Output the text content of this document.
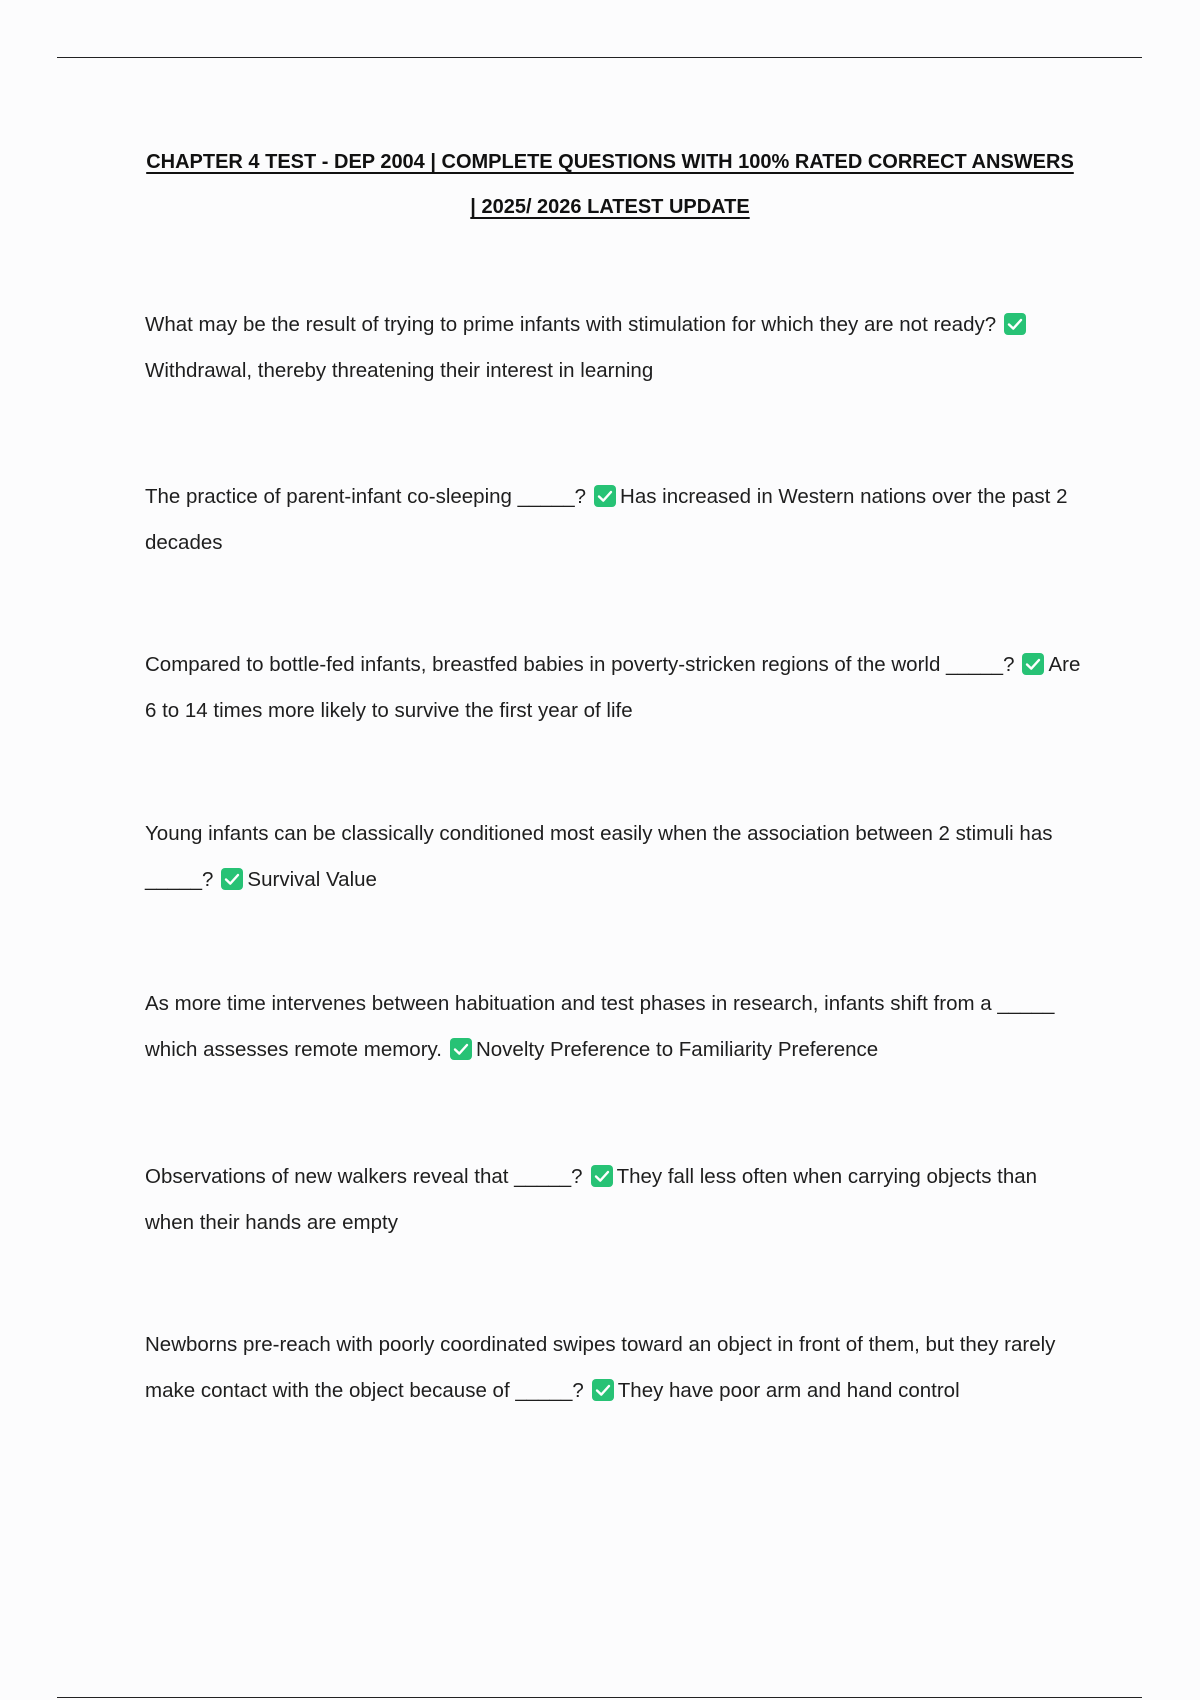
CHAPTER 4 TEST - DEP 2004 | COMPLETE QUESTIONS WITH 100% RATED CORRECT ANSWERS
| 2025/ 2026 LATEST UPDATE

What may be the result of trying to prime infants with stimulation for which they are not ready?
Withdrawal, thereby threatening their interest in learning

The practice of parent-infant co-sleeping _____? Has increased in Western nations over the past 2 decades

Compared to bottle-fed infants, breastfed babies in poverty-stricken regions of the world _____? Are 6 to 14 times more likely to survive the first year of life

Young infants can be classically conditioned most easily when the association between 2 stimuli has _____? Survival Value

As more time intervenes between habituation and test phases in research, infants shift from a _____ which assesses remote memory. Novelty Preference to Familiarity Preference

Observations of new walkers reveal that _____? They fall less often when carrying objects than when their hands are empty

Newborns pre-reach with poorly coordinated swipes toward an object in front of them, but they rarely make contact with the object because of _____? They have poor arm and hand control
